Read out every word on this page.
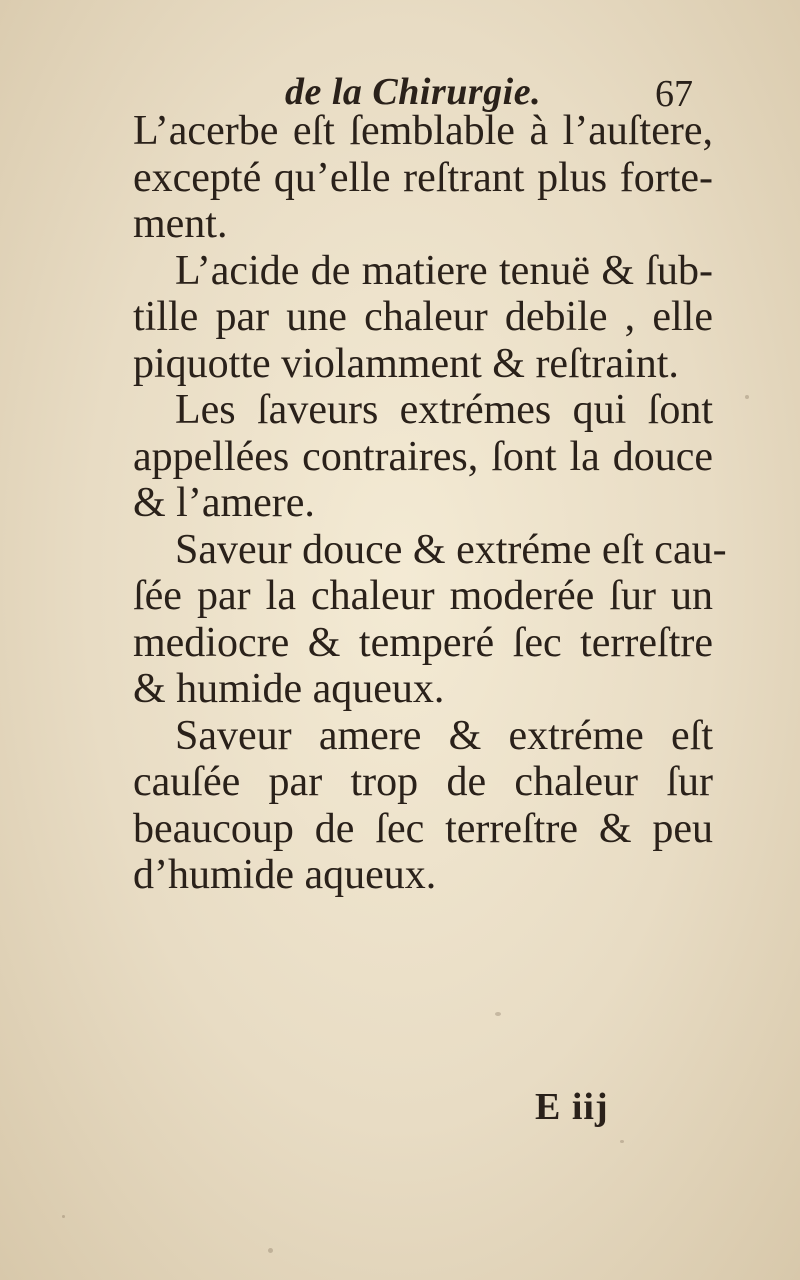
de la Chirurgie.	67
L’acerbe eſt ſemblable à l’auſtere,
excepté qu’elle reſtrant plus forte-
ment.
L’acide de matiere tenuë & ſub-
tille par une chaleur debile , elle
piquotte violamment & reſtraint.
Les ſaveurs extrémes qui ſont
appellées contraires, ſont la douce
& l’amere.
Saveur douce & extréme eſt cau-
ſée par la chaleur moderée ſur un
mediocre & temperé ſec terreſtre
& humide aqueux.
Saveur amere & extréme eſt
cauſée par trop de chaleur ſur
beaucoup de ſec terreſtre & peu
d’humide aqueux.
E iij
